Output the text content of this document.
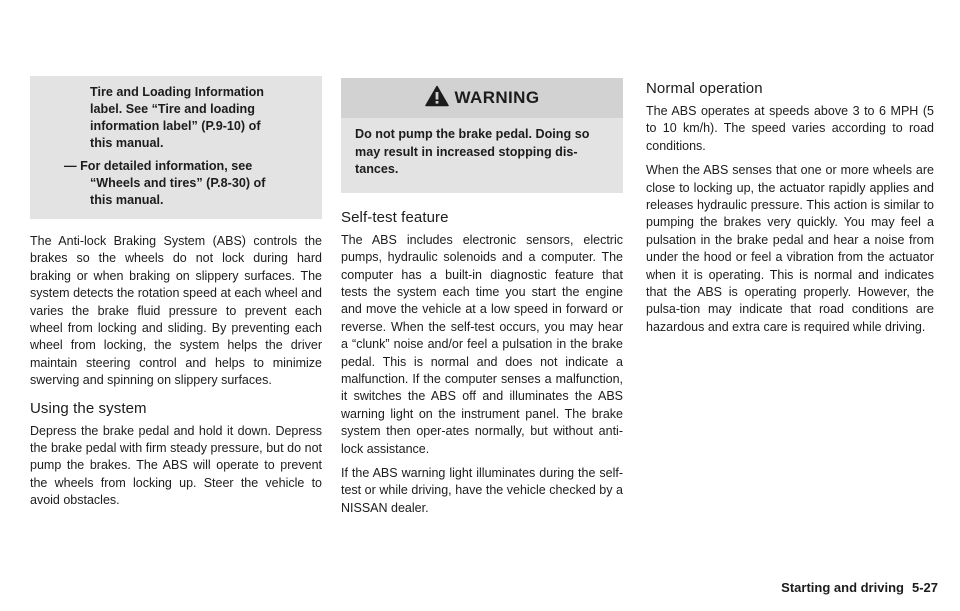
Tire and Loading Information

label. See “Tire and loading

information label” (P.9-10) of

this manual.

— For detailed information, see

“Wheels and tires” (P.8-30) of

this manual.

The Anti-lock Braking System (ABS) controls the brakes so the wheels do not lock during hard braking or when braking on slippery surfaces. The system detects the rotation speed at each wheel and varies the brake fluid pressure to prevent each wheel from locking and sliding. By preventing each wheel from locking, the system helps the driver maintain steering control and helps to minimize swerving and spinning on slippery surfaces.

Using the system

Depress the brake pedal and hold it down. Depress the brake pedal with firm steady pressure, but do not pump the brakes. The ABS will operate to prevent the wheels from locking up. Steer the vehicle to avoid obstacles.

WARNING
Do not pump the brake pedal. Doing so
may result in increased stopping dis-
tances.
Self-test feature

The ABS includes electronic sensors, electric pumps, hydraulic solenoids and a computer. The computer has a built-in diagnostic feature that tests the system each time you start the engine and move the vehicle at a low speed in forward or reverse. When the self-test occurs, you may hear a “clunk” noise and/or feel a pulsation in the brake pedal. This is normal and does not indicate a malfunction. If the computer senses a malfunction, it switches the ABS off and illuminates the ABS warning light on the instrument panel. The brake system then oper-ates normally, but without anti-lock assistance.

If the ABS warning light illuminates during the self-test or while driving, have the vehicle checked by a NISSAN dealer.

Normal operation

The ABS operates at speeds above 3 to 6 MPH (5 to 10 km/h). The speed varies according to road conditions.

When the ABS senses that one or more wheels are close to locking up, the actuator rapidly applies and releases hydraulic pressure. This action is similar to pumping the brakes very quickly. You may feel a pulsation in the brake pedal and hear a noise from under the hood or feel a vibration from the actuator when it is operating. This is normal and indicates that the ABS is operating properly. However, the pulsa-tion may indicate that road conditions are hazardous and extra care is required while driving.

Starting and driving 5-27
